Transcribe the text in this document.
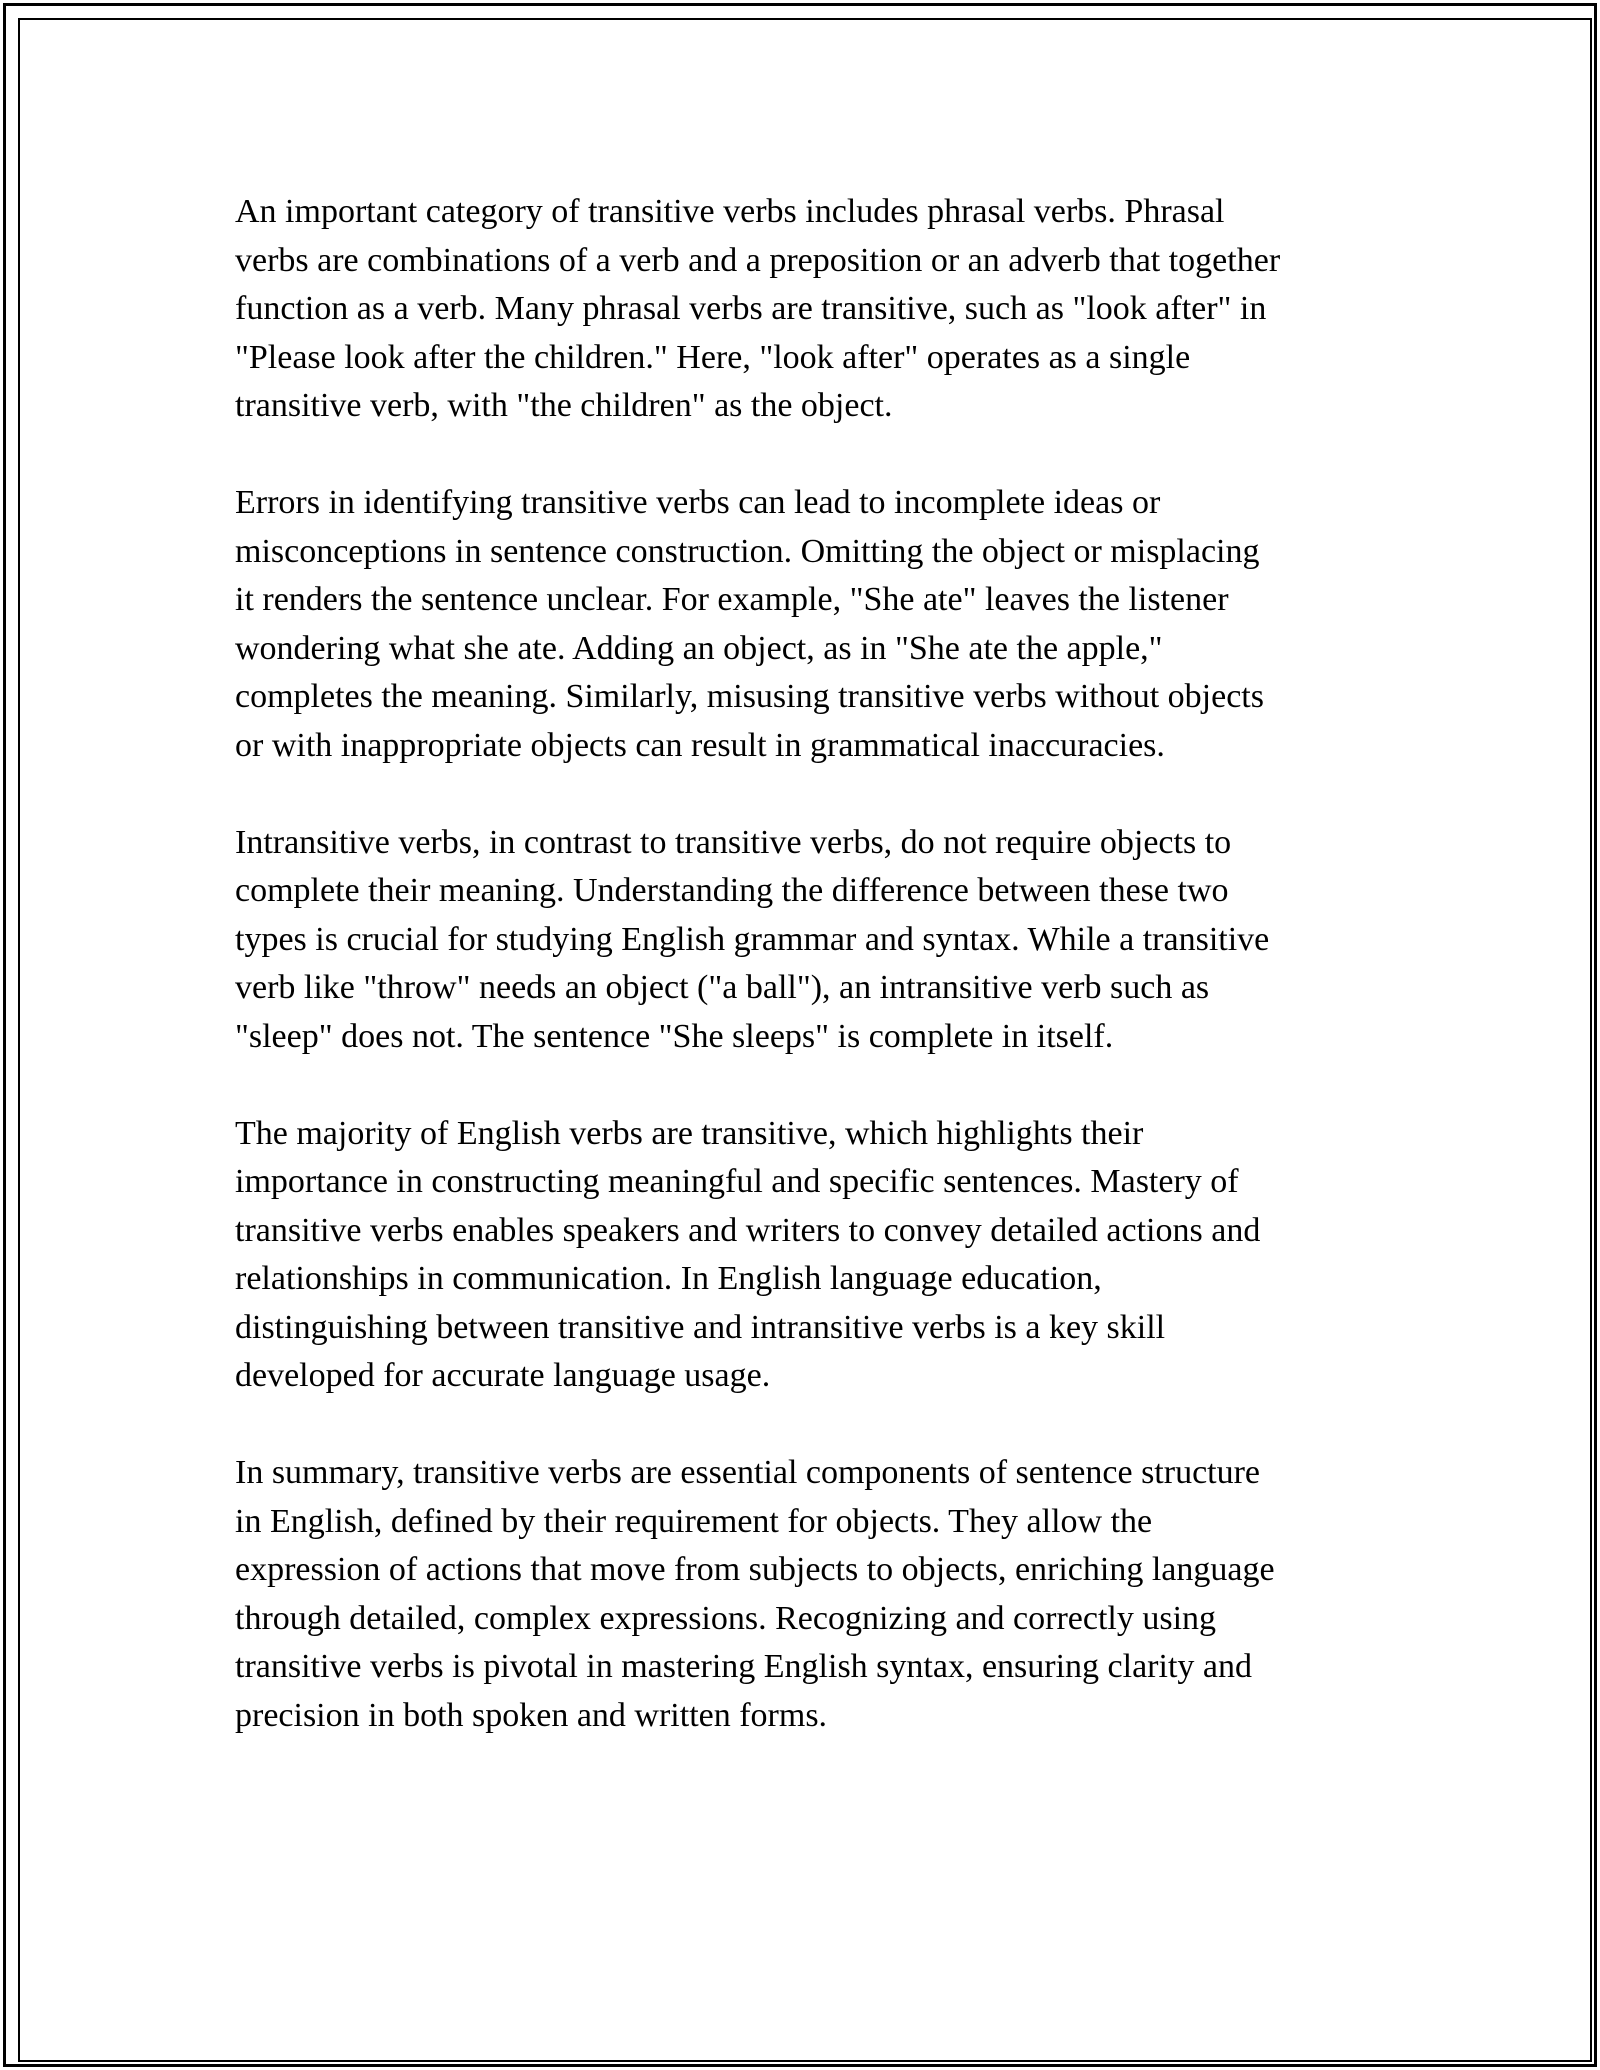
An important category of transitive verbs includes phrasal verbs. Phrasal
verbs are combinations of a verb and a preposition or an adverb that together
function as a verb. Many phrasal verbs are transitive, such as "look after" in
"Please look after the children." Here, "look after" operates as a single
transitive verb, with "the children" as the object.

Errors in identifying transitive verbs can lead to incomplete ideas or
misconceptions in sentence construction. Omitting the object or misplacing
it renders the sentence unclear. For example, "She ate" leaves the listener
wondering what she ate. Adding an object, as in "She ate the apple,"
completes the meaning. Similarly, misusing transitive verbs without objects
or with inappropriate objects can result in grammatical inaccuracies.

Intransitive verbs, in contrast to transitive verbs, do not require objects to
complete their meaning. Understanding the difference between these two
types is crucial for studying English grammar and syntax. While a transitive
verb like "throw" needs an object ("a ball"), an intransitive verb such as
"sleep" does not. The sentence "She sleeps" is complete in itself.

The majority of English verbs are transitive, which highlights their
importance in constructing meaningful and specific sentences. Mastery of
transitive verbs enables speakers and writers to convey detailed actions and
relationships in communication. In English language education,
distinguishing between transitive and intransitive verbs is a key skill
developed for accurate language usage.

In summary, transitive verbs are essential components of sentence structure
in English, defined by their requirement for objects. They allow the
expression of actions that move from subjects to objects, enriching language
through detailed, complex expressions. Recognizing and correctly using
transitive verbs is pivotal in mastering English syntax, ensuring clarity and
precision in both spoken and written forms.
